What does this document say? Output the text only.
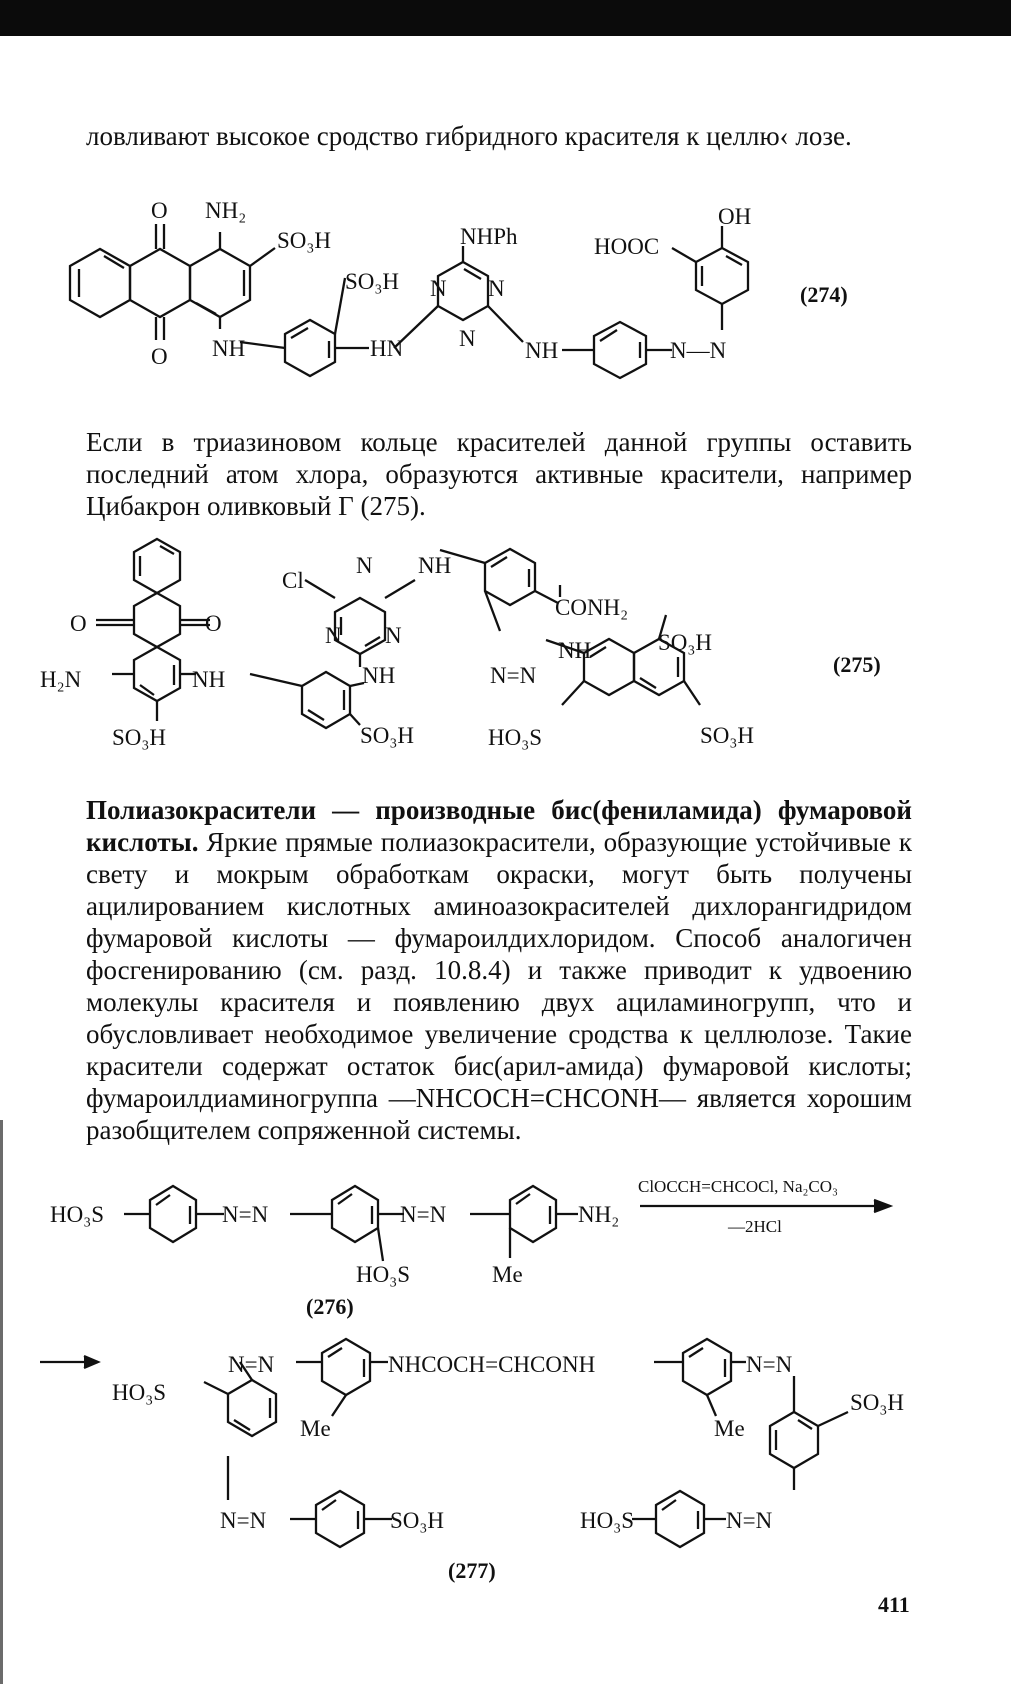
ловливают высокое сродство гибридного красителя к целлю‹ лозе.

O NH₂
SO₃H
O NH
SO₃H
HN
NHPh
N N
N NH	N—N
OH
HOOC
(274)

Если в триазиновом кольце красителей данной группы оставить последний атом хлора, образуются активные красители, например Цибакрон оливковый Г (275).

Cl
N NH
N N
NH
CONH₂
NH
N=N
SO₃H
O	O
H₂N	NH
SO₃H	SO₃H	HO₃S	SO₃H
(275)

Полиазокрасители — производные бис(фениламида) фумаровой кислоты. Яркие прямые полиазокрасители, образующие устойчивые к свету и мокрым обработкам окраски, могут быть получены ацилированием кислотных аминоазокрасителей дихлорангидридом фумаровой кислоты — фумароилдихлоридом. Способ аналогичен фосгенированию (см. разд. 10.8.4) и также приводит к удвоению молекулы красителя и появлению двух ациламиногрупп, что и обусловливает необходимое увеличение сродства к целлюлозе. Такие красители содержат остаток бис(арил-амида) фумаровой кислоты; фумароилдиаминогруппа —NHCOCH=CHCONH— является хорошим разобщителем сопряженной системы.

HO₃S	N=N	N=N	NH₂
HO₃S	Me
ClOCCH=CHCOCl, Na₂CO₃
—2HCl
(276)
N=N	NHCOCH=CHCONH	N=N
HO₃S
Me	Me
SO₃H
N=N	SO₃H	HO₃S	N=N
(277)
411
